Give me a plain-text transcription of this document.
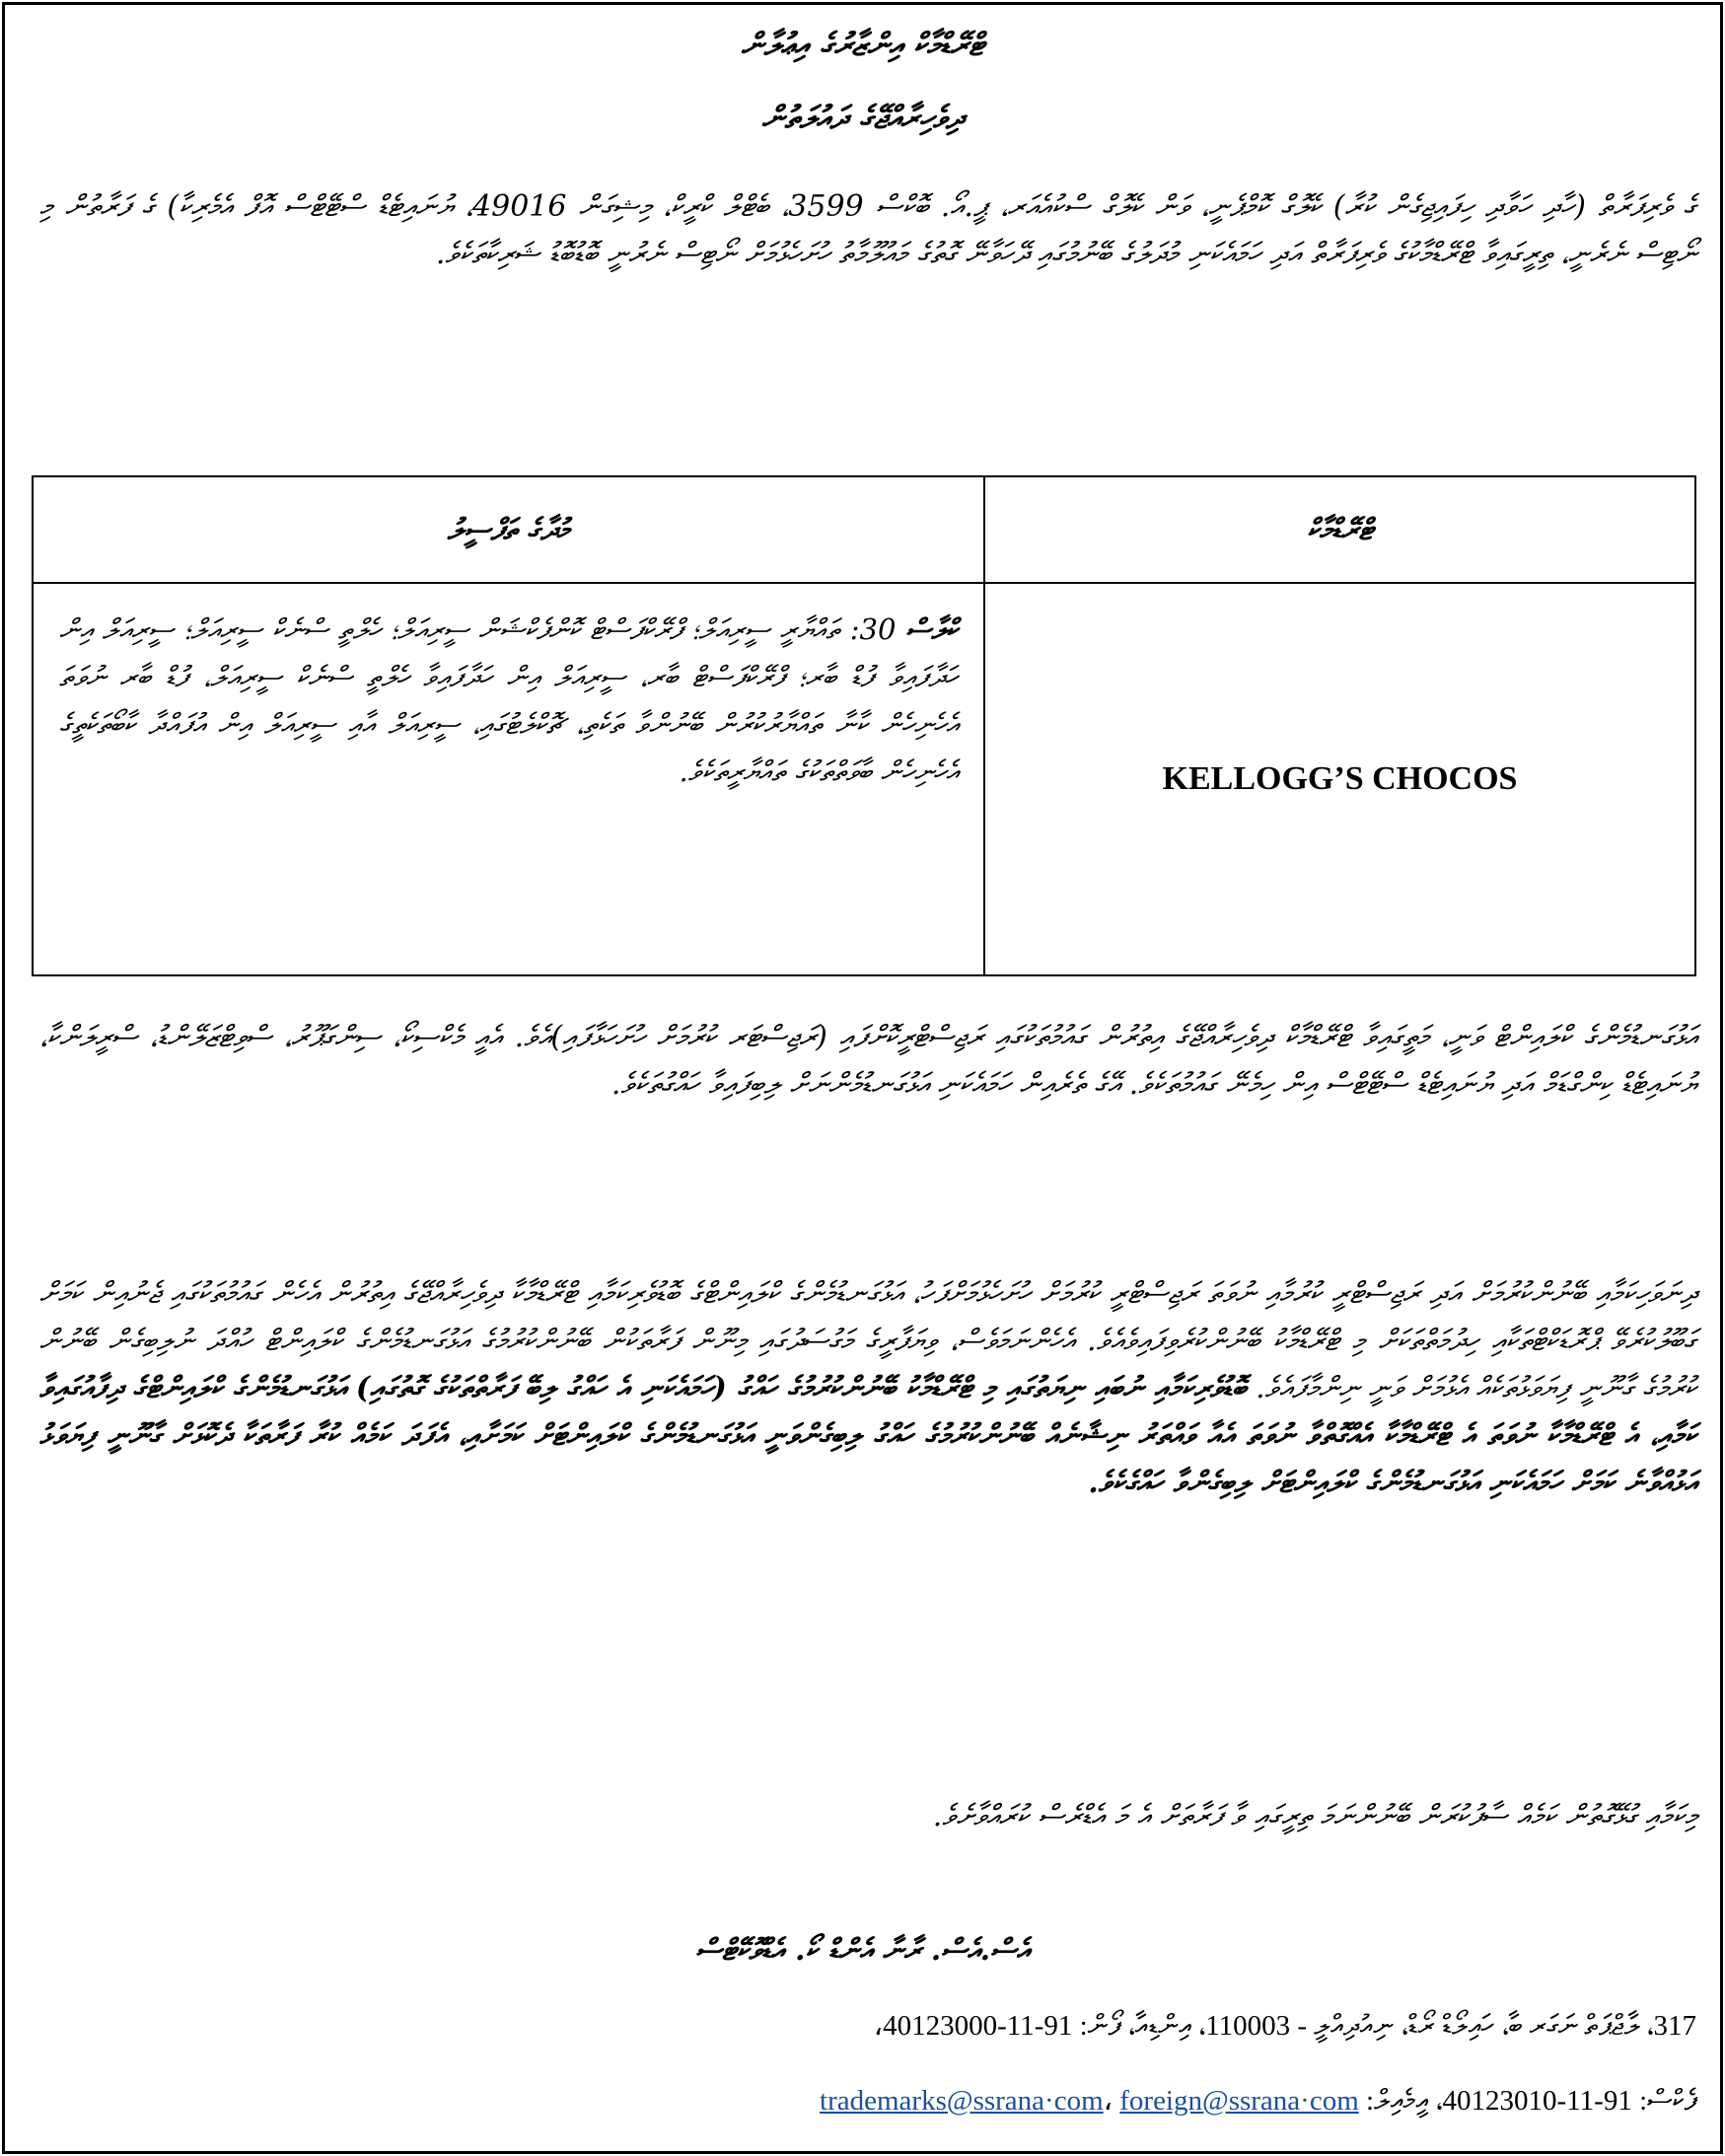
ޓްރޭޑްމާކް އިންޒާރުގެ އިޢުލާން
ދިވެހިރާއްޖޭގެ ދައުލަތުން
ގެ ވެރިފަރާތް (ހާދި ހަވާދި ހިފައިޖިގެން ކުރާ) ކެލޮގް ކޮމްޕެނީ، ވަން ކެލޮގް ސްކުއެއަރ، ޕީ.އޯ. ބޮކްސް 3599، ބެޓްލް ކްރީކް، މިޝިގަން 49016، ޔުނައިޓެޑް ސްޓޭޓްސް އޮފް އެމެރިކާ) ގެ ފަރާތުން މި ނޯޓިސް ނެރެނީ، ތިރީގައިވާ ޓްރޭޑްމާކުގެ ވެރިފަރާތް އަދި ހަމައެކަނި މުދަލުގެ ބޭނުމުގައި ދޭހަވާނޭ ގޮތުގެ މައުލޫމާތު ހުށަހެޅުމަށް ނޯޓިސް ނެރުނީ ބޮޑުބޮޑު ޝަރިކާތަކެވެ.
މުދާގެ ތަފްސީލު	ޓްރޭޑްމާކް
ކްލާސް 30: ތައްޔާރީ ސީރިއަލް؛ ފްރޭކްފަސްޓް ކޮންފެކްޝަން ސީރިއަލް؛ ހެލްތީ ސްނެކް ސީރިއަލް؛ ސީރިއަލް އިން ހަދާފައިވާ ފުޑް ބާރ؛ ފްރޭކްފަސްޓް ބާރ، ސީރިއަލް އިން ހަދާފައިވާ ހެލްތީ ސްނެކް ސީރިއަލް، ފުޑް ބާރ ނުވަތަ އެހެނިހެން ކާނާ ތައްޔާރުކުރުން ބޭނުންވާ ތަކެތި، ޗޮކްލެޓުގައި، ސީރިއަލް އާއި ސީރިއަލް އިން އުފައްދާ ކާބޯތަކެތީގެ އެހެނިހެން ބާވަތްތަކުގެ ތައްޔާރީތަކެވެ.	KELLOGG’S CHOCOS
އަޅުގަނޑުމެންގެ ކްލައިންޓް ވަނީ، މަތީގައިވާ ޓްރޭޑްމާކް ދިވެހިރާއްޖޭގެ އިތުރުން ގައުމުތަކުގައި ރަޖިސްޓްރީކޮށްފައި (ރަޖިސްޓަރ ކުރުމަށް ހުށަހަޅާފައި)އެވެ. އެއީ މެކްސިކޯ، ސިންގަޕޫރު، ސްވިޓްޒަލޭންޑު، ސްރީލަންކާ، ޔުނައިޓެޑް ކިންގްޑަމް އަދި ޔުނައިޓެޑް ސްޓޭޓްސް އިން ހިމެނޭ ގައުމުތަކެވެ. އޭގެ ތެރެއިން ހަމައެކަނި އަޅުގަނޑުމެންނަށް ލިބިފައިވާ ހައްގުތަކެވެ.
ދިނަވަހިކަމާއި ބޭނުންކުރުމަށް އަދި ރަޖިސްޓްރީ ކުރުމާއި ނުވަތަ ރަޖިސްޓްރީ ކުރުމަށް ހުށަހެޅުމަށްފަހު، އަޅުގަނޑުމެންގެ ކްލައިންޓްގެ ބޮޑުވެރިކަމާއި ޓްރޭޑްމާކާ ދިވެހިރާއްޖޭގެ އިތުރުން އެހެން ގައުމުތަކުގައި ޖެނުއިން ކަމަށް ގަބޫލުކުރެވޭ ޕްރޮޑަކްޓްތަކާއި ހިދުމަތްތަކަށް މި ޓްރޭޑްމާކު ބޭނުންކުރެވިފައިވެއެވެ. އެހެންނަމަވެސް، ވިޔަފާރީގެ މަގުސަދުގައި މިނޫން ފަރާތަކުން ބޭނުންކުރުމުގެ އަޅުގަނޑުމެންގެ ކްލައިންޓް ހުއްދަ ނުލިބިގެން ބޭނުން ކުރުމުގެ ގާނޫނީ ފިޔަވަޅުތަކެއް އެޅުމަށް ވަނީ ނިންމާފައެވެ. ބޮޑުވެރިކަމާއި ނުބައި ނިޔަތުގައި މި ޓްރޭޑްމާކު ބޭނުންކުރުމުގެ ހައްގު (ހަމައެކަނި އެ ހައްގު ލިބޭ ފަރާތްތަކުގެ ގޮތުގައި) އަޅުގަނޑުމެންގެ ކްލައިންޓްގެ ދިފާއުގައިވާ ކަމާއި، އެ ޓްރޭޑްމާކާ ނުވަތަ އެ ޓްރޭޑްމާކާ އެއްގޮތްވާ ނުވަތަ އެއާ ވައްތަރު ނިޝާނެއް ބޭނުންކުރުމުގެ ހައްގު ލިބިގެންވަނީ އަޅުގަނޑުމެންގެ ކްލައިންޓަށް ކަމަށާއި، އެފަދަ ކަމެއް ކުރާ ފަރާތަކާ ދެކޮޅަށް ގާނޫނީ ފިޔަވަޅު އަޅުއްވާނެ ކަމަށް ހަމައެކަނި އަޅުގަނޑުމެންގެ ކްލައިންޓަށް ލިބިގެންވާ ހައްގެކެވެ.
މިކަމާއި ގުޅޭގޮތުން ކަމެއް ސާފުކުރަން ބޭނުންނަމަ ތިރީގައި ވާ ފަރާތަށް އެ މަ އެޑްރެސް ކުރައްވާށެވެ.
އެސް.އެސް. ރާނާ އެންޑް ކޯ. އެޑްވޮކޭޓްސް
317، ލާޖްޕަތް ނަގަރ ބާ، ހައިލޯޑް ރޯޑް، ނިއުދިއްލީ - 110003، އިންޑިއާ، ފޯން: 91-11-40123000،
ފެކްސް: 91-11-40123010، އީމެއިލް: trademarks@ssrana·com، foreign@ssrana·com
